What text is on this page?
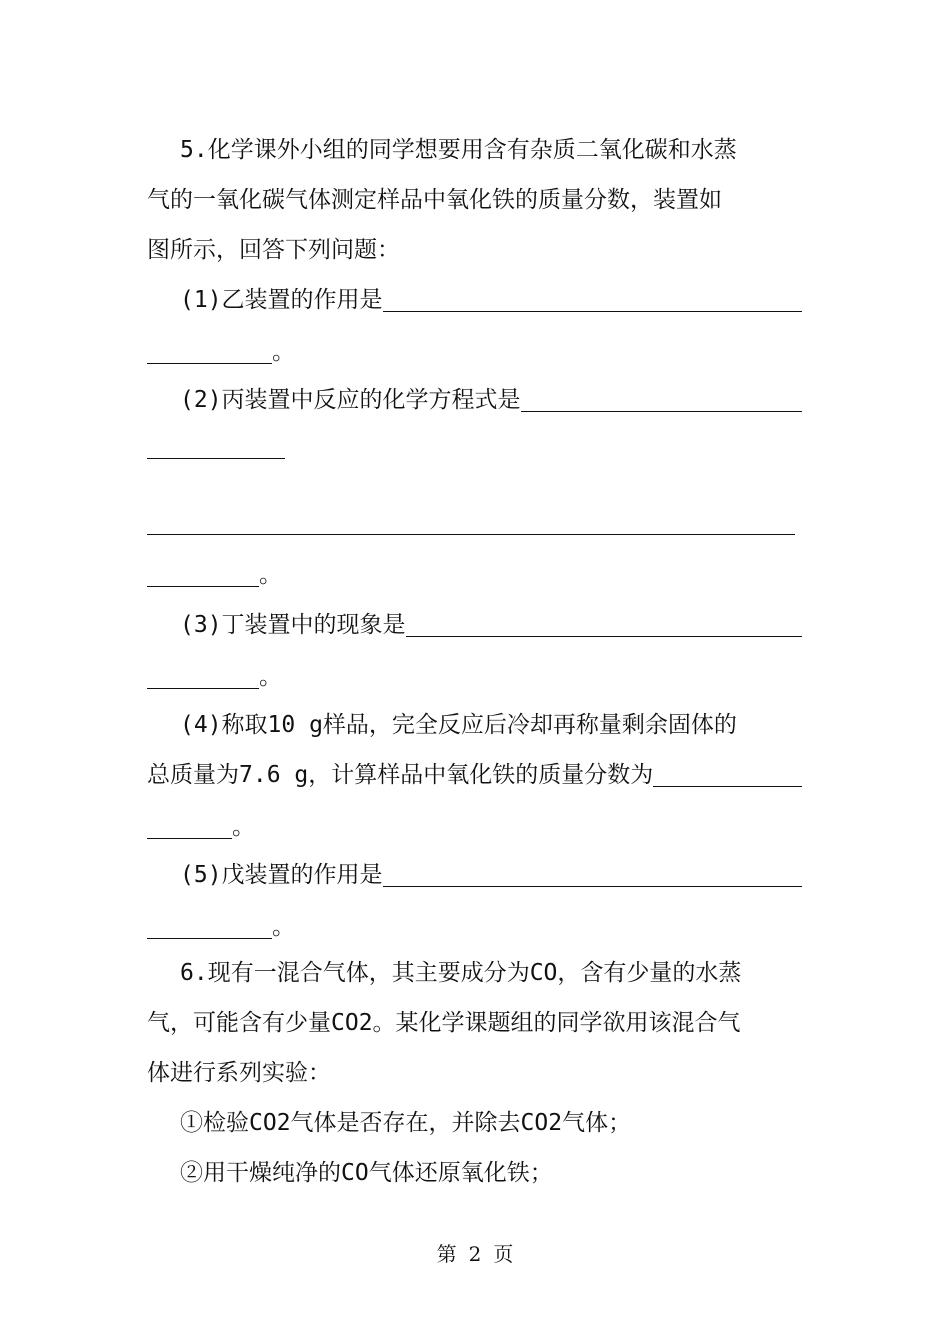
5.化学课外小组的同学想要用含有杂质二氧化碳和水蒸
气的一氧化碳气体测定样品中氧化铁的质量分数，装置如
图所示，回答下列问题：
(1)乙装置的作用是
。
(2)丙装置中反应的化学方程式是
。
(3)丁装置中的现象是
。
(4)称取10 g样品，完全反应后冷却再称量剩余固体的
总质量为7.6 g，计算样品中氧化铁的质量分数为
。
(5)戊装置的作用是
。
6.现有一混合气体，其主要成分为CO，含有少量的水蒸
气，可能含有少量CO2。某化学课题组的同学欲用该混合气
体进行系列实验：
①检验CO2气体是否存在，并除去CO2气体；
②用干燥纯净的CO气体还原氧化铁；
第 2 页
